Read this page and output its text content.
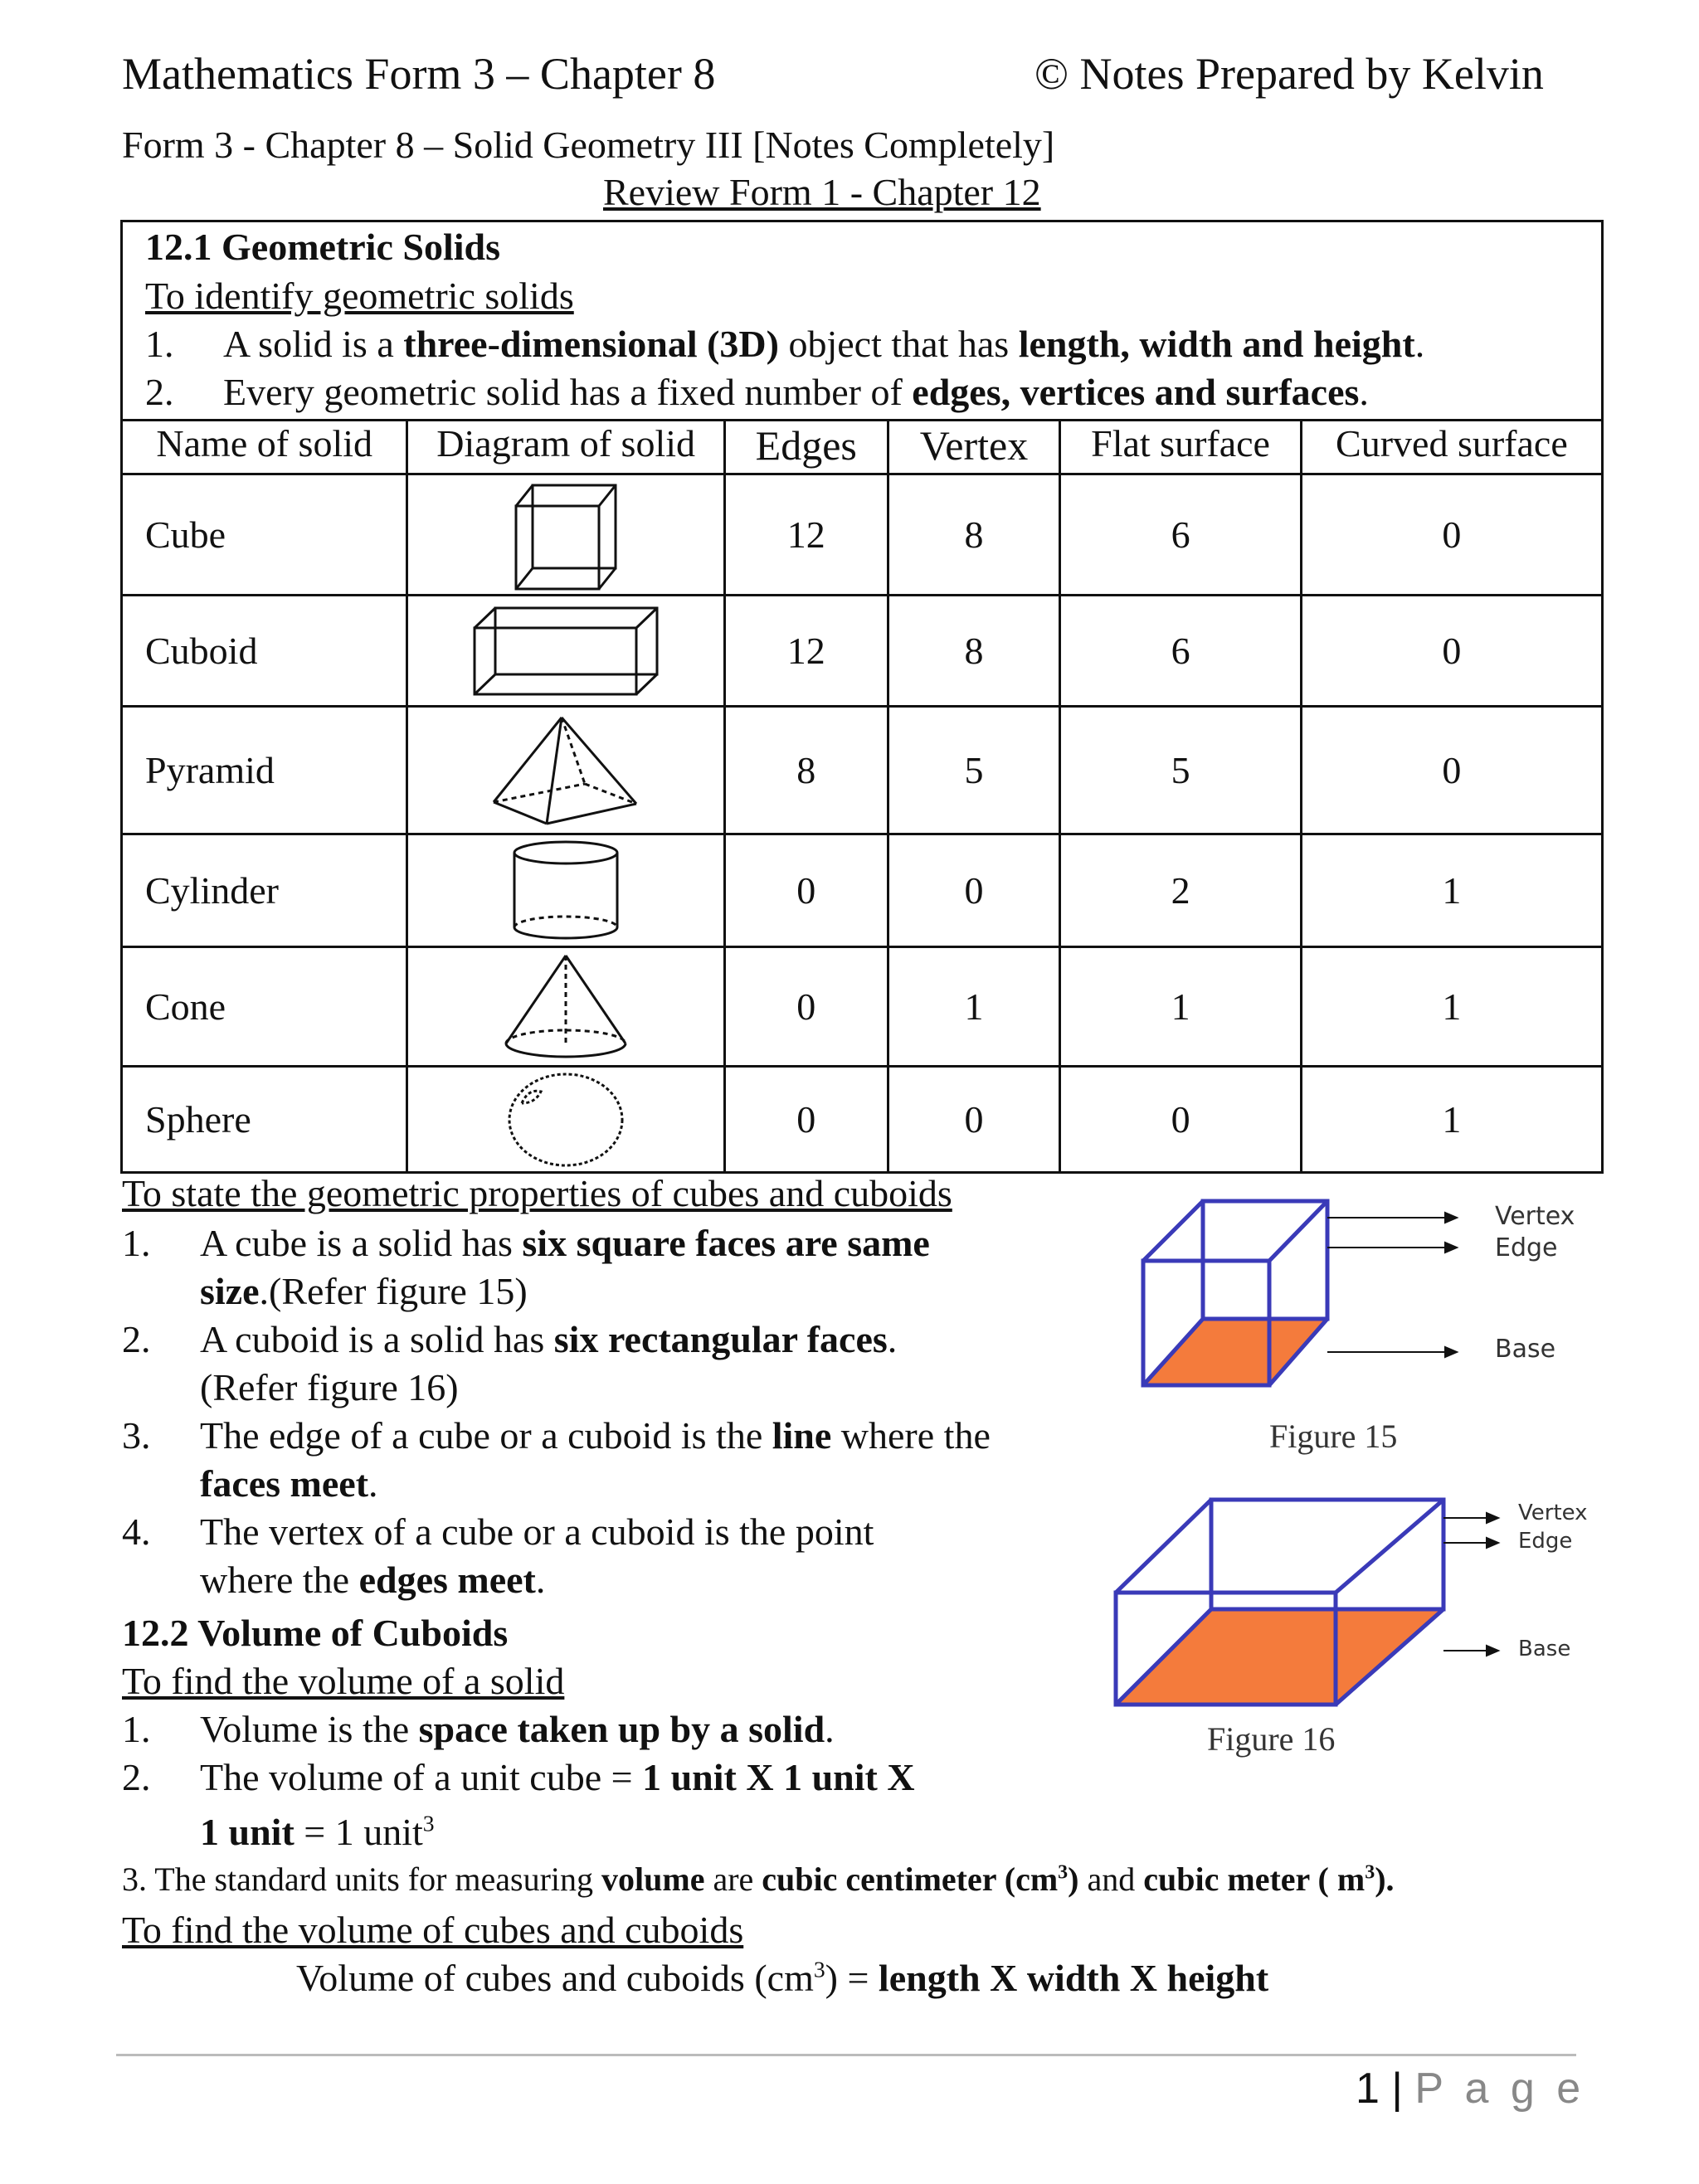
Mathematics Form 3 – Chapter 8	© Notes Prepared by Kelvin
Form 3 - Chapter 8 – Solid Geometry III [Notes Completely]
Review Form 1 - Chapter 12
12.1 Geometric Solids
To identify geometric solids
1. A solid is a three-dimensional (3D) object that has length, width and height.
2. Every geometric solid has a fixed number of edges, vertices and surfaces.
Name of solid	Diagram of solid	Edges	Vertex	Flat surface	Curved surface
Cube		12	8	6	0
Cuboid		12	8	6	0
Pyramid		8	5	5	0
Cylinder		0	0	2	1
Cone		0	1	1	1
Sphere		0	0	0	1
To state the geometric properties of cubes and cuboids
1. A cube is a solid has six square faces are same
size.(Refer figure 15)
2. A cuboid is a solid has six rectangular faces.
(Refer figure 16)
3. The edge of a cube or a cuboid is the line where the
faces meet.
4. The vertex of a cube or a cuboid is the point
where the edges meet.
Vertex
Edge
Base
Figure 15
Vertex
Edge
Base
Figure 16
12.2 Volume of Cuboids
To find the volume of a solid
1. Volume is the space taken up by a solid.
2. The volume of a unit cube = 1 unit X 1 unit X
1 unit = 1 unit$^3$
3. The standard units for measuring volume are cubic centimeter $(cm^3)$ and cubic meter ( $m^3$).
To find the volume of cubes and cuboids
Volume of cubes and cuboids $(cm^3)$ = length X width X height
1 | P a g e
